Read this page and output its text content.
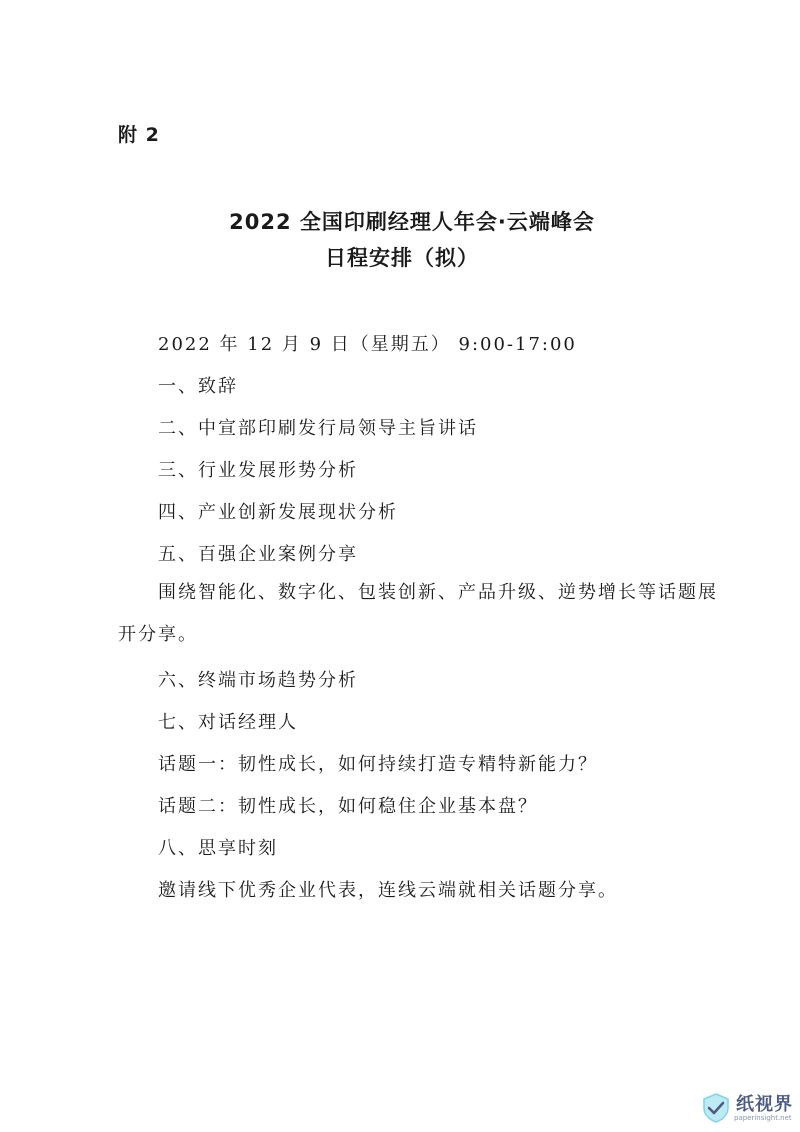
附 2
2022 全国印刷经理人年会·云端峰会
日程安排（拟）
2022 年 12 月 9 日（星期五） 9:00-17:00
一、致辞
二、中宣部印刷发行局领导主旨讲话
三、行业发展形势分析
四、产业创新发展现状分析
五、百强企业案例分享
围绕智能化、数字化、包装创新、产品升级、逆势增长等话题展开分享。
六、终端市场趋势分析
七、对话经理人
话题一：韧性成长，如何持续打造专精特新能力？
话题二：韧性成长，如何稳住企业基本盘？
八、思享时刻
邀请线下优秀企业代表，连线云端就相关话题分享。
纸视界
paperinsight.net
